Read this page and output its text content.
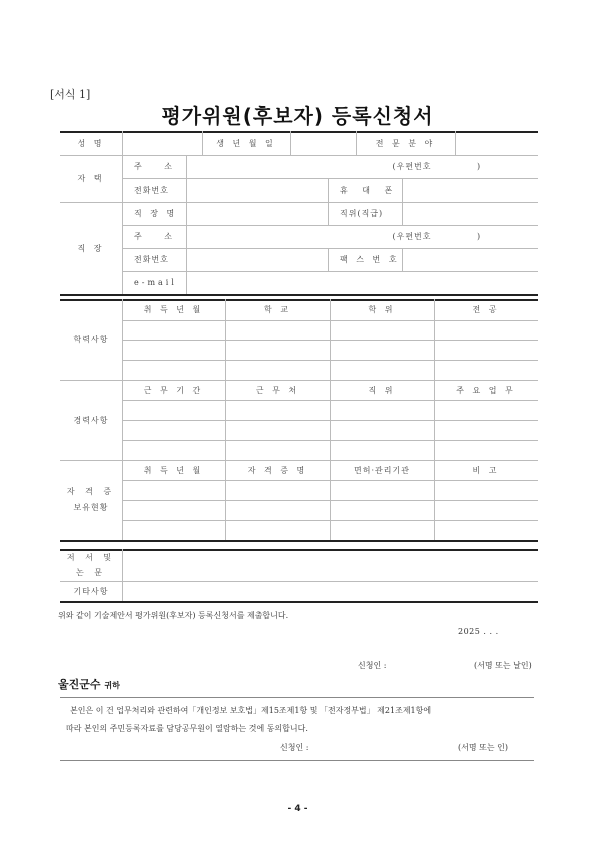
[서식 1]
평가위원(후보자) 등록신청서
성 명	생 년 월 일	전 문 분 야
자 택
주 소	(우편번호	)
전화번호	휴 대 폰
직 장
직 장 명	직위(직급)
주 소	(우편번호	)
전화번호	팩 스 번 호
e-mail
학력사항
취 득 년 월	학 교	학 위	전 공
경력사항
근 무 기 간	근 무 처	직 위	주 요 업 무
자 격 증
보유현황
취 득 년 월	자 격 증 명	면허·관리기관	비 고
저 서 및
논 문
기타사항
위와 같이 기술제안서 평가위원(후보자) 등록신청서를 제출합니다.
2025 . . .
신청인 :	(서명 또는 날인)
울진군수 귀하
본인은 이 건 업무처리와 관련하여「개인정보 보호법」제15조제1항 및 「전자정부법」 제21조제1항에
따라 본인의 주민등록자료를 담당공무원이 열람하는 것에 동의합니다.
신청인 :	(서명 또는 인)
- 4 -
